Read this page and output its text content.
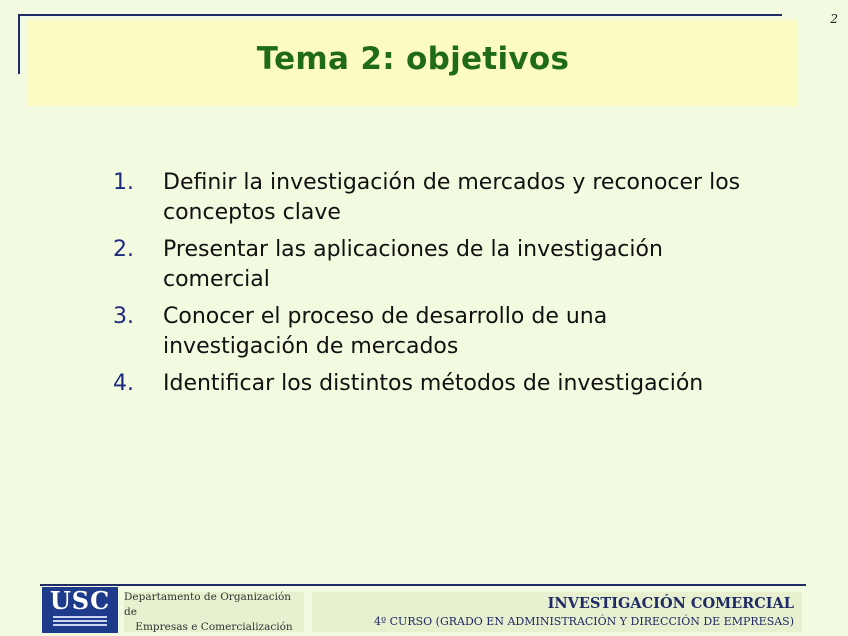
2
Tema 2: objetivos
1.	Definir la investigación de mercados y reconocer los conceptos clave
2.	Presentar las aplicaciones de la investigación comercial
3.	Conocer el proceso de desarrollo de una investigación de mercados
4.	Identificar los distintos métodos de investigación
USC Departamento de Organización de
Empresas e Comercialización
INVESTIGACIÓN COMERCIAL
4º CURSO (GRADO EN ADMINISTRACIÓN Y DIRECCIÓN DE EMPRESAS)
